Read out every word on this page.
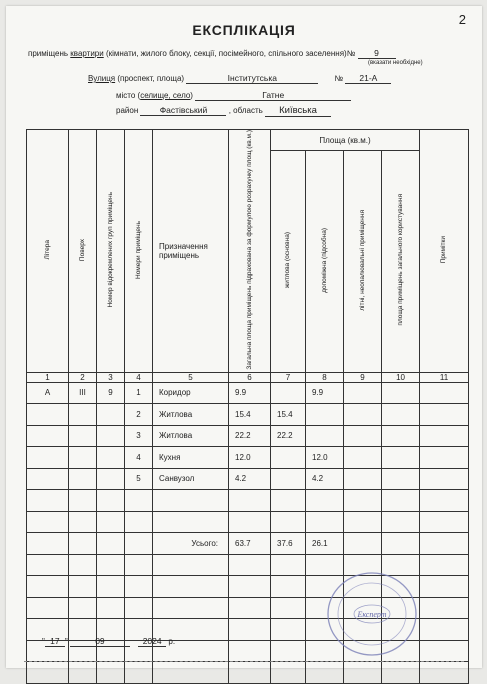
2
ЕКСПЛІКАЦІЯ
приміщень квартири (кімнати, жилого блоку, секції, посімейного, спільного заселення)№ 9
(вказати необхідне)
Вулиця (проспект, площа)	Інститутська	№ 21-А
місто (селище, село)	Гатне
район	Фастівський	, область Київська
Літера	Поверх	Номер відокремлених груп приміщень	Номери приміщень	Призначення приміщень	Загальна площа приміщень підрахована за формулою розрахунку площ (кв.м.)	Площа (кв.м.)				Примітки
						житлова (основна)	допоміжна (підсобна)	літні, неопалювальні приміщення	площа приміщень загального користування	
1	2	3	4	5	6	7	8	9	10	11
А	III	9	1	Коридор	9.9		9.9			
			2	Житлова	15.4	15.4				
			3	Житлова	22.2	22.2				
			4	Кухня	12.0		12.0			
			5	Санвузол	4.2		4.2			

				Усього:	63.7	37.6	26.1			

Експерт
" 17 "	09	2024 р.
